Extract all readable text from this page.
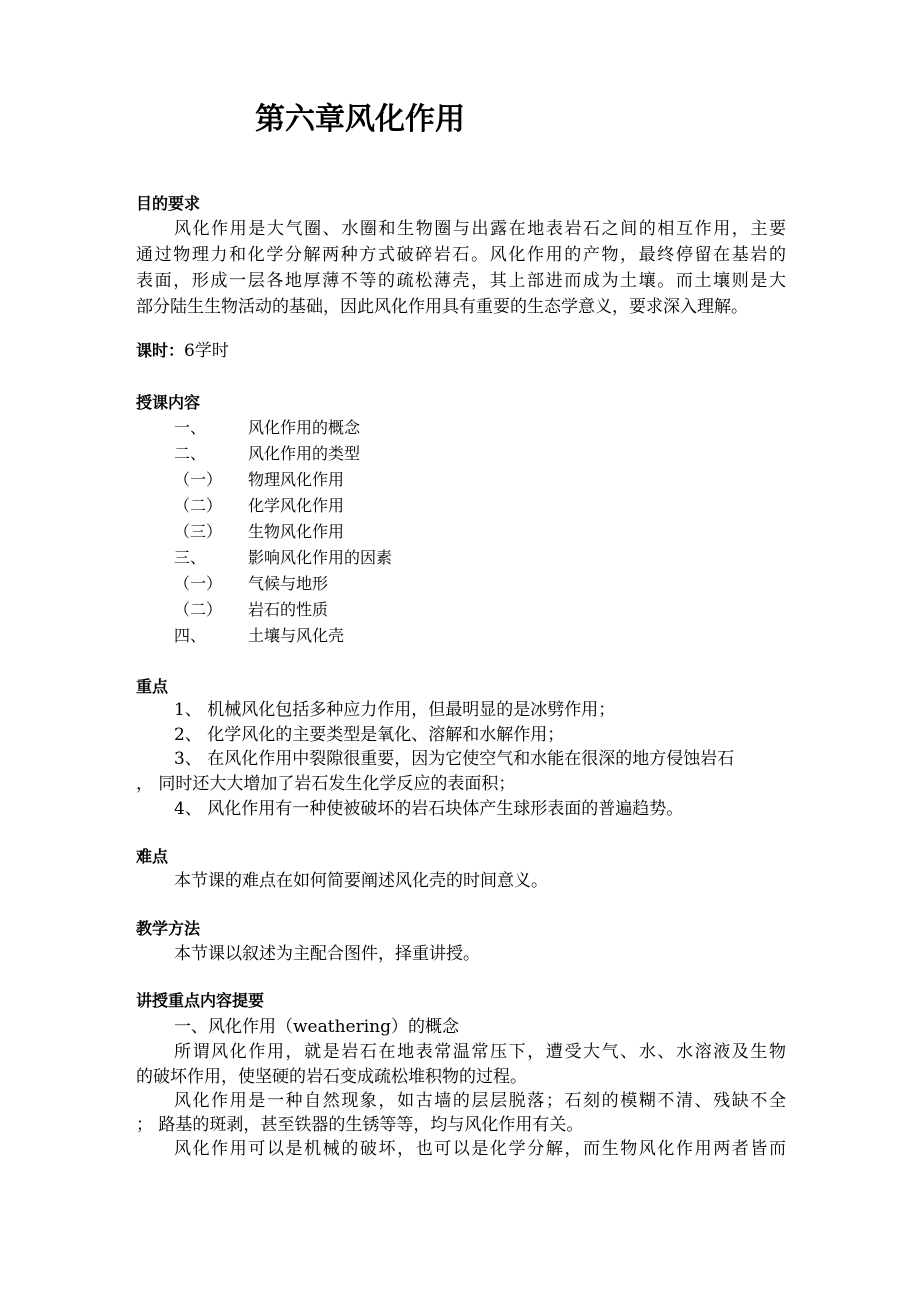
第六章风化作用
目的要求
风化作用是大气圈、水圈和生物圈与出露在地表岩石之间的相互作用，主要
通过物理力和化学分解两种方式破碎岩石。风化作用的产物，最终停留在基岩的
表面，形成一层各地厚薄不等的疏松薄壳，其上部进而成为土壤。而土壤则是大
部分陆生生物活动的基础，因此风化作用具有重要的生态学意义，要求深入理解。
课时：6学时
授课内容
一、	风化作用的概念
二、	风化作用的类型
（一） 物理风化作用
（二） 化学风化作用
（三） 生物风化作用
三、	影响风化作用的因素
（一） 气候与地形
（二） 岩石的性质
四、	土壤与风化壳
重点
1、 机械风化包括多种应力作用，但最明显的是冰劈作用；
2、 化学风化的主要类型是氧化、溶解和水解作用；
3、 在风化作用中裂隙很重要，因为它使空气和水能在很深的地方侵蚀岩石
， 同时还大大增加了岩石发生化学反应的表面积；
4、 风化作用有一种使被破坏的岩石块体产生球形表面的普遍趋势。
难点
本节课的难点在如何简要阐述风化壳的时间意义。
教学方法
本节课以叙述为主配合图件，择重讲授。
讲授重点内容提要
一、风化作用（weathering）的概念
所谓风化作用，就是岩石在地表常温常压下，遭受大气、水、水溶液及生物
的破坏作用，使坚硬的岩石变成疏松堆积物的过程。
风化作用是一种自然现象，如古墙的层层脱落；石刻的模糊不清、残缺不全
； 路基的斑剥，甚至铁器的生锈等等，均与风化作用有关。
风化作用可以是机械的破坏，也可以是化学分解，而生物风化作用两者皆而
